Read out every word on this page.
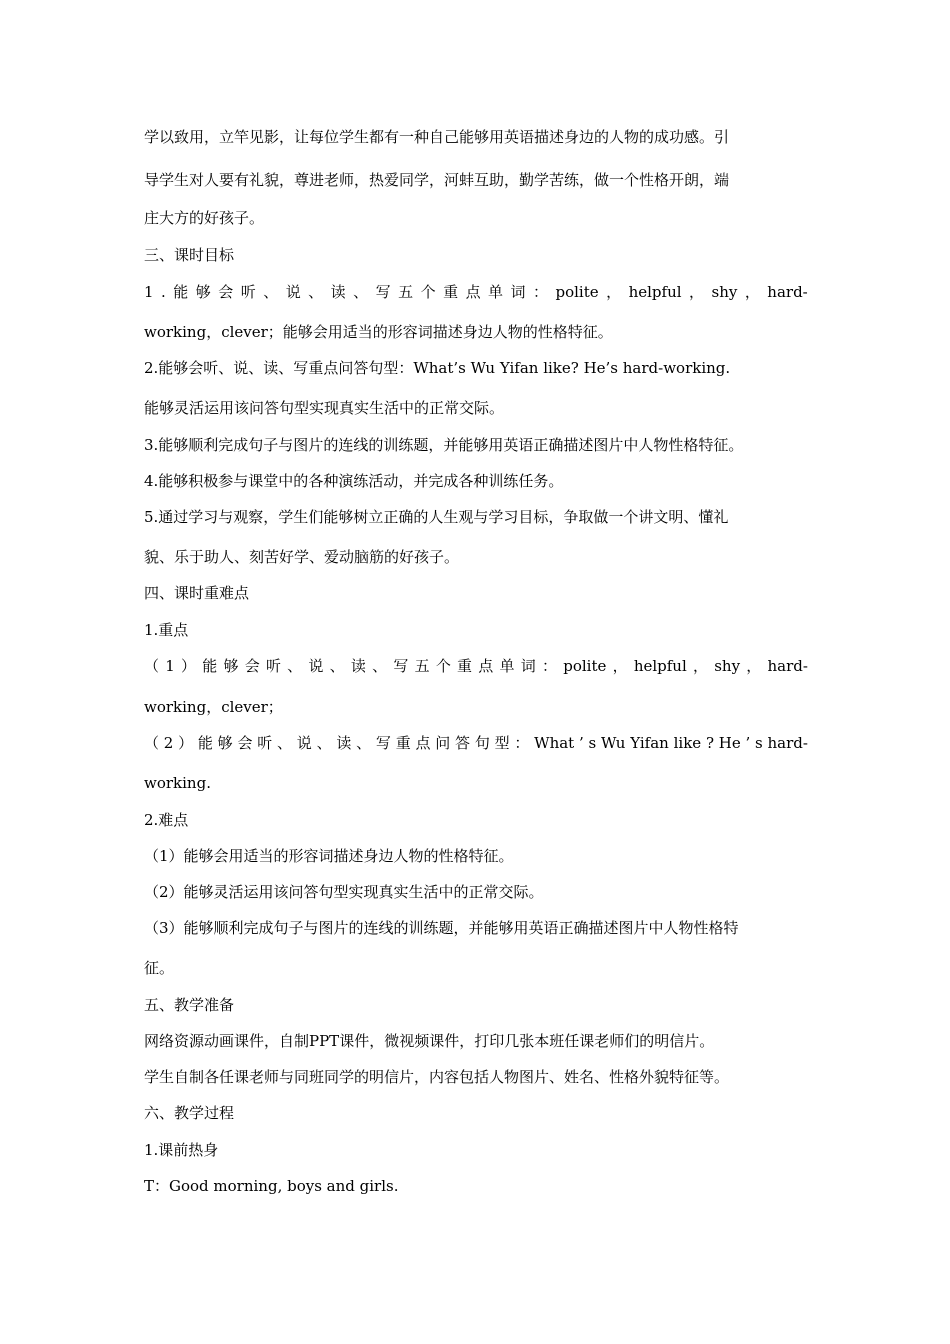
学以致用，立竿见影，让每位学生都有一种自己能够用英语描述身边的人物的成功感。引
导学生对人要有礼貌，尊进老师，热爱同学，河蚌互助，勤学苦练，做一个性格开朗，端
庄大方的好孩子。
三、课时目标
1 . 能 够 会 听 、 说 、 读 、 写 五 个 重 点 单 词 ： polite ， helpful ， shy ， hard-
working，clever；能够会用适当的形容词描述身边人物的性格特征。
2.能够会听、说、读、写重点问答句型：What’s Wu Yifan like? He’s hard-working.
能够灵活运用该问答句型实现真实生活中的正常交际。
3.能够顺利完成句子与图片的连线的训练题，并能够用英语正确描述图片中人物性格特征。
4.能够积极参与课堂中的各种演练活动，并完成各种训练任务。
5.通过学习与观察，学生们能够树立正确的人生观与学习目标，争取做一个讲文明、懂礼
貌、乐于助人、刻苦好学、爱动脑筋的好孩子。
四、课时重难点
1.重点
（ 1 ） 能 够 会 听 、 说 、 读 、 写 五 个 重 点 单 词 ： polite ， helpful ， shy ， hard-
working，clever；
（ 2 ） 能 够 会 听 、 说 、 读 、 写 重 点 问 答 句 型 ： What ’ s Wu Yifan like ? He ’ s hard-
working.
2.难点
（1）能够会用适当的形容词描述身边人物的性格特征。
（2）能够灵活运用该问答句型实现真实生活中的正常交际。
（3）能够顺利完成句子与图片的连线的训练题，并能够用英语正确描述图片中人物性格特
征。
五、教学准备
网络资源动画课件，自制PPT课件，微视频课件，打印几张本班任课老师们的明信片。
学生自制各任课老师与同班同学的明信片，内容包括人物图片、姓名、性格外貌特征等。
六、教学过程
1.课前热身
T：Good morning, boys and girls.
